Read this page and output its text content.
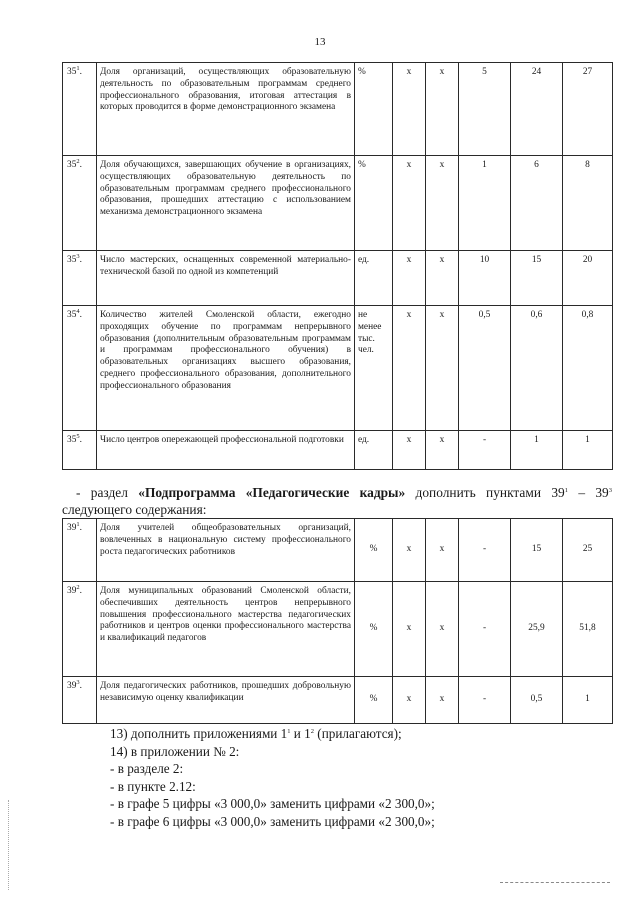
13
$35^1$.	Доля организаций, осуществляющих образовательную деятельность по образовательным программам среднего профессионального образования, итоговая аттестация в которых проводится в форме демонстрационного экзамена	%	x	x	5	24	27
$35^2$.	Доля обучающихся, завершающих обучение в организациях, осуществляющих образовательную деятельность по образовательным программам среднего профессионального образования, прошедших аттестацию с использованием механизма демонстрационного экзамена	%	x	x	1	6	8
$35^3$.	Число мастерских, оснащенных современной материально-технической базой по одной из компетенций	ед.	x	x	10	15	20
$35^4$.	Количество жителей Смоленской области, ежегодно проходящих обучение по программам непрерывного образования (дополнительным образовательным программам и программам профессионального обучения) в образовательных организациях высшего образования, среднего профессионального образования, дополнительного профессионального образования	не менее тыс. чел.	x	x	0,5	0,6	0,8
$35^5$.	Число центров опережающей профессиональной подготовки	ед.	x	x	-	1	1
- раздел «Подпрограмма «Педагогические кадры» дополнить пунктами $39^1 - 39^3$ следующего содержания:
$39^1$.	Доля учителей общеобразовательных организаций, вовлеченных в национальную систему профессионального роста педагогических работников	%	x	x	-	15	25
$39^2$.	Доля муниципальных образований Смоленской области, обеспечивших деятельность центров непрерывного повышения профессионального мастерства педагогических работников и центров оценки профессионального мастерства и квалификаций педагогов	%	x	x	-	25,9	51,8
$39^3$.	Доля педагогических работников, прошедших добровольную независимую оценку квалификации	%	x	x	-	0,5	1
13) дополнить приложениями $1^1$ и $1^2$ (прилагаются);
14) в приложении № 2:
- в разделе 2:
- в пункте 2.12:
- в графе 5 цифры «3 000,0» заменить цифрами «2 300,0»;
- в графе 6 цифры «3 000,0» заменить цифрами «2 300,0»;
